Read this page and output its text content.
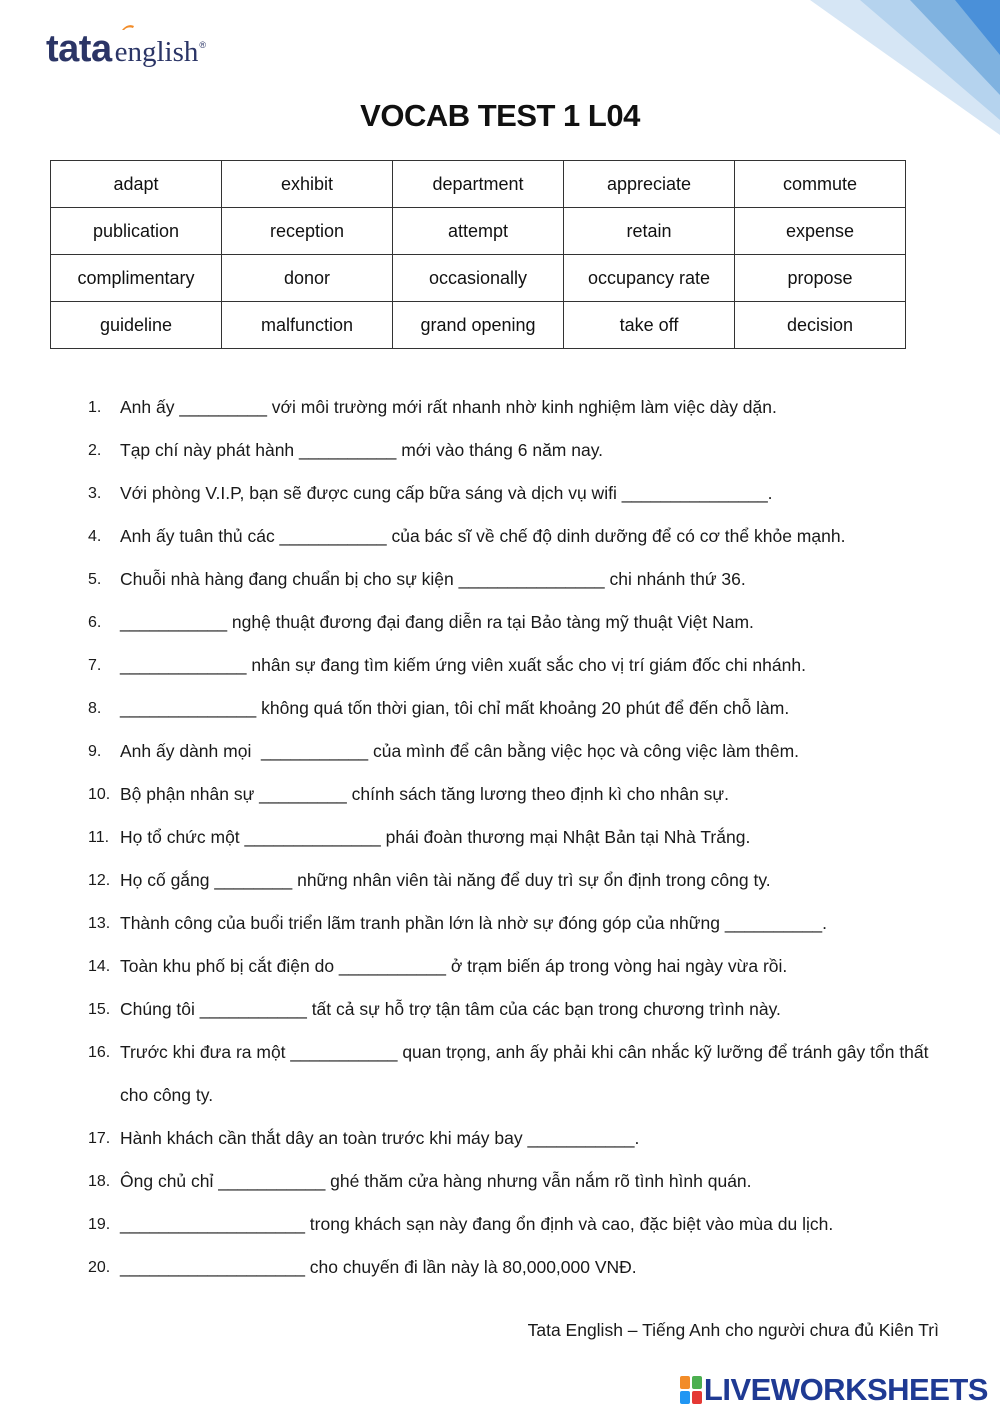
tata english ®
VOCAB TEST 1 L04
adapt	exhibit	department	appreciate	commute
publication	reception	attempt	retain	expense
complimentary	donor	occasionally	occupancy rate	propose
guideline	malfunction	grand opening	take off	decision
1.	Anh ấy _________ với môi trường mới rất nhanh nhờ kinh nghiệm làm việc dày dặn.
2.	Tạp chí này phát hành __________ mới vào tháng 6 năm nay.
3.	Với phòng V.I.P, bạn sẽ được cung cấp bữa sáng và dịch vụ wifi _______________.
4.	Anh ấy tuân thủ các ___________ của bác sĩ về chế độ dinh dưỡng để có cơ thể khỏe mạnh.
5.	Chuỗi nhà hàng đang chuẩn bị cho sự kiện _______________ chi nhánh thứ 36.
6.	___________ nghệ thuật đương đại đang diễn ra tại Bảo tàng mỹ thuật Việt Nam.
7.	_____________ nhân sự đang tìm kiếm ứng viên xuất sắc cho vị trí giám đốc chi nhánh.
8.	______________ không quá tốn thời gian, tôi chỉ mất khoảng 20 phút để đến chỗ làm.
9.	Anh ấy dành mọi  ___________ của mình để cân bằng việc học và công việc làm thêm.
10. Bộ phận nhân sự _________ chính sách tăng lương theo định kì cho nhân sự.
11. Họ tổ chức một ______________ phái đoàn thương mại Nhật Bản tại Nhà Trắng.
12. Họ cố gắng ________ những nhân viên tài năng để duy trì sự ổn định trong công ty.
13. Thành công của buổi triển lãm tranh phần lớn là nhờ sự đóng góp của những __________.
14. Toàn khu phố bị cắt điện do ___________ ở trạm biến áp trong vòng hai ngày vừa rồi.
15. Chúng tôi ___________ tất cả sự hỗ trợ tận tâm của các bạn trong chương trình này.
16. Trước khi đưa ra một ___________ quan trọng, anh ấy phải khi cân nhắc kỹ lưỡng để tránh gây tổn thất cho công ty.
17. Hành khách cần thắt dây an toàn trước khi máy bay ___________.
18. Ông chủ chỉ ___________ ghé thăm cửa hàng nhưng vẫn nắm rõ tình hình quán.
19. ___________________ trong khách sạn này đang ổn định và cao, đặc biệt vào mùa du lịch.
20. ___________________ cho chuyến đi lần này là 80,000,000 VNĐ.
Tata English – Tiếng Anh cho người chưa đủ Kiên Trì
LIVEWORKSHEETS
